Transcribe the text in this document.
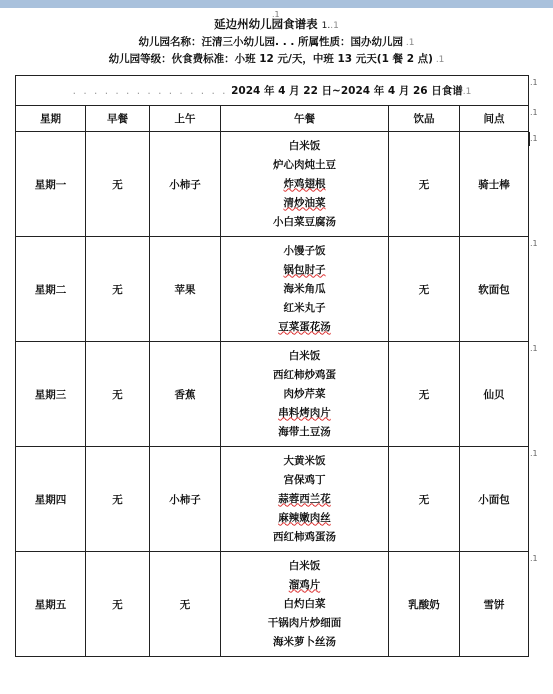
.1
延边州幼儿园食谱表 1..1
幼儿园名称：汪清三小幼儿园. . . 所属性质：国办幼儿园 .1
幼儿园等级：伙食费标准：小班 12 元/天，中班 13 元天(1 餐 2 点) .1
. . . . . . . . . . . . . . . 2024 年 4 月 22 日~2024 年 4 月 26 日食谱.1					
星期	早餐	上午	午餐	饮品	间点
星期一	无	小柿子	白米饭
炉心肉炖土豆
炸鸡翅根
清炒油菜
小白菜豆腐汤	无	骑士棒
星期二	无	苹果	小馒子饭
锅包肘子
海米角瓜
红米丸子
豆菜蛋花汤	无	软面包
星期三	无	香蕉	白米饭
西红柿炒鸡蛋
肉炒芹菜
串料烤肉片
海带土豆汤	无	仙贝
星期四	无	小柿子	大黄米饭
宫保鸡丁
蒜蓉西兰花
麻辣嫩肉丝
西红柿鸡蛋汤	无	小面包
星期五	无	无	白米饭
溜鸡片
白灼白菜
干锅肉片炒细面
海米萝卜丝汤	乳酸奶	雪饼
.1
.1
.1
.1
.1
.1
.1
